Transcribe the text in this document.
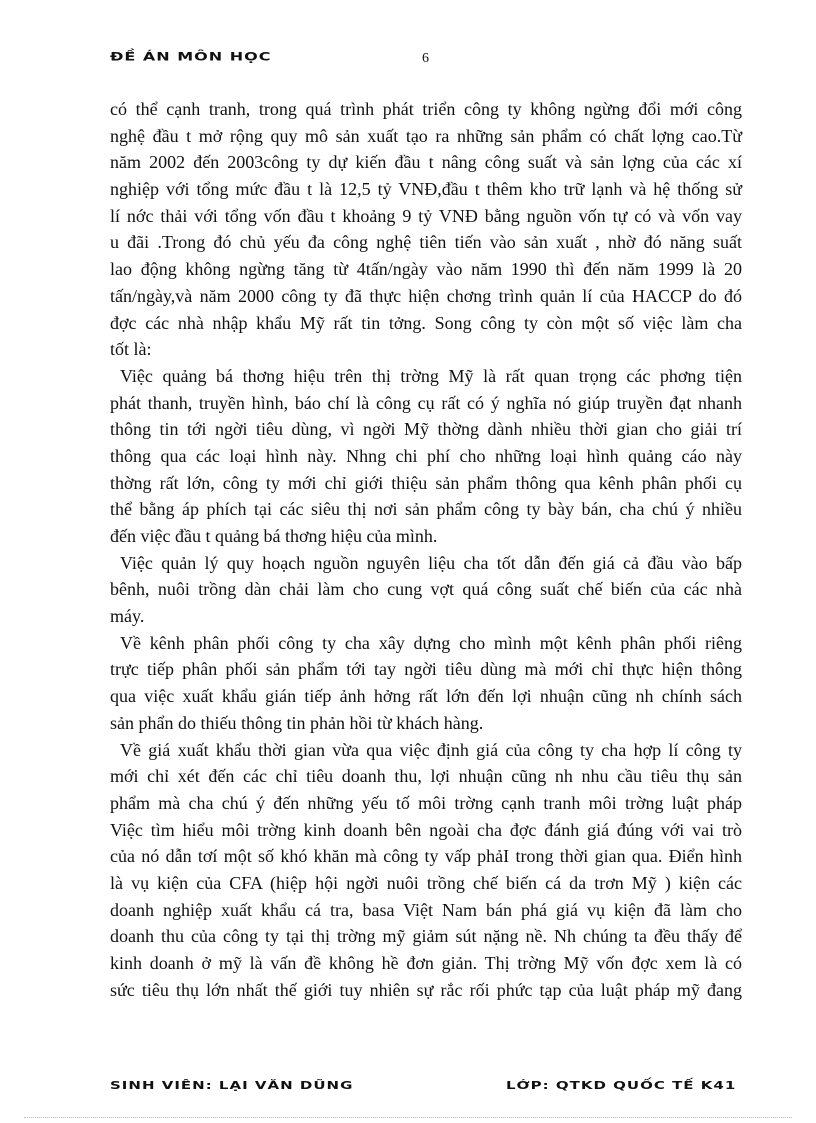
ĐỀ ÁN MÔN HỌC	6
có thể cạnh tranh, trong quá trình phát triển công ty không ngừng đổi mới công
nghệ đầu t mở rộng quy mô sản xuất tạo ra những sản phẩm có chất lợng cao.Từ
năm 2002 đến 2003công ty dự kiến đầu t nâng công suất và sản lợng của các xí
nghiệp với tổng mức đầu t là 12,5 tỷ VNĐ,đầu t thêm kho trữ lạnh và hệ thống sử
lí nớc thải với tổng vốn đầu t khoảng 9 tỷ VNĐ bằng nguồn vốn tự có và vốn vay
u đãi .Trong đó chủ yếu đa công nghệ tiên tiến vào sản xuất , nhờ đó năng suất
lao động không ngừng tăng từ 4tấn/ngày vào năm 1990 thì đến năm 1999 là 20
tấn/ngày,và năm 2000 công ty đã thực hiện chơng trình quản lí của HACCP do đó
đợc các nhà nhập khẩu Mỹ rất tin tởng. Song công ty còn một số việc làm cha
tốt là:
Việc quảng bá thơng hiệu trên thị trờng Mỹ là rất quan trọng các phơng tiện
phát thanh, truyền hình, báo chí là công cụ rất có ý nghĩa nó giúp truyền đạt nhanh
thông tin tới ngời tiêu dùng, vì ngời Mỹ thờng dành nhiều thời gian cho giải trí
thông qua các loại hình này. Nhng chi phí cho những loại hình quảng cáo này
thờng rất lớn, công ty mới chỉ giới thiệu sản phẩm thông qua kênh phân phối cụ
thể bằng áp phích tại các siêu thị nơi sản phẩm công ty bày bán, cha chú ý nhiều
đến việc đầu t quảng bá thơng hiệu của mình.
Việc quản lý quy hoạch nguồn nguyên liệu cha tốt dẫn đến giá cả đầu vào bấp
bênh, nuôi trồng dàn chải làm cho cung vợt quá công suất chế biến của các nhà
máy.
Về kênh phân phối công ty cha xây dựng cho mình một kênh phân phối riêng
trực tiếp phân phối sản phẩm tới tay ngời tiêu dùng mà mới chỉ thực hiện thông
qua việc xuất khẩu gián tiếp ảnh hởng rất lớn đến lợi nhuận cũng nh chính sách
sản phẩn do thiếu thông tin phản hồi từ khách hàng.
Về giá xuất khẩu thời gian vừa qua việc định giá của công ty cha hợp lí công ty
mới chỉ xét đến các chỉ tiêu doanh thu, lợi nhuận cũng nh nhu cầu tiêu thụ sản
phẩm mà cha chú ý đến những yếu tố môi trờng cạnh tranh môi trờng luật pháp
Việc tìm hiểu môi trờng kinh doanh bên ngoài cha đợc đánh giá đúng với vai trò
của nó dẫn tơí một số khó khăn mà công ty vấp phảI trong thời gian qua. Điển hình
là vụ kiện của CFA (hiệp hội ngời nuôi trồng chế biến cá da trơn Mỹ ) kiện các
doanh nghiệp xuất khẩu cá tra, basa Việt Nam bán phá giá vụ kiện đã làm cho
doanh thu của công ty tại thị trờng mỹ giảm sút nặng nề. Nh chúng ta đều thấy để
kinh doanh ở mỹ là vấn đề không hề đơn giản. Thị trờng Mỹ vốn đợc xem là có
sức tiêu thụ lớn nhất thế giới tuy nhiên sự rắc rối phức tạp của luật pháp mỹ đang
SINH VIÊN: LẠI VĂN DŨNG	LỚP: QTKD QUỐC TẾ K41
